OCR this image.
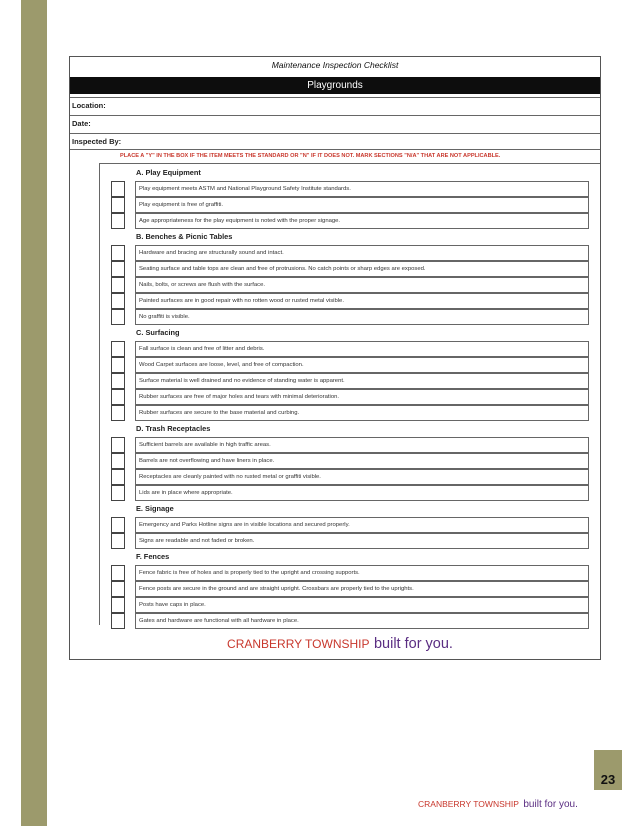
Maintenance Inspection Checklist
Playgrounds
Location:
Date:
Inspected By:
PLACE A "Y" IN THE BOX IF THE ITEM MEETS THE STANDARD OR "N" IF IT DOES NOT. MARK SECTIONS "N/A" THAT ARE NOT APPLICABLE.
A. Play Equipment
Play equipment meets ASTM and National Playground Safety Institute standards.
Play equipment is free of graffiti.
Age appropriateness for the play equipment is noted with the proper signage.
B. Benches & Picnic Tables
Hardware and bracing are structurally sound and intact.
Seating surface and table tops are clean and free of protrusions. No catch points or sharp edges are exposed.
Nails, bolts, or screws are flush with the surface.
Painted surfaces are in good repair with no rotten wood or rusted metal visible.
No graffiti is visible.
C. Surfacing
Fall surface is clean and free of litter and debris.
Wood Carpet surfaces are loose, level, and free of compaction.
Surface material is well drained and no evidence of standing water is apparent.
Rubber surfaces are free of major holes and tears with minimal deterioration.
Rubber surfaces are secure to the base material and curbing.
D. Trash Receptacles
Sufficient barrels are available in high traffic areas.
Barrels are not overflowing and have liners in place.
Receptacles are cleanly painted with no rusted metal or graffiti visible.
Lids are in place where appropriate.
E. Signage
Emergency and Parks Hotline signs are in visible locations and secured properly.
Signs are readable and not faded or broken.
F. Fences
Fence fabric is free of holes and is properly tied to the upright and crossing supports.
Fence posts are secure in the ground and are straight upright. Crossbars are properly tied to the uprights.
Posts have caps in place.
Gates and hardware are functional with all hardware in place.
CRANBERRY TOWNSHIP built for you.
23
CRANBERRY TOWNSHIP built for you.
